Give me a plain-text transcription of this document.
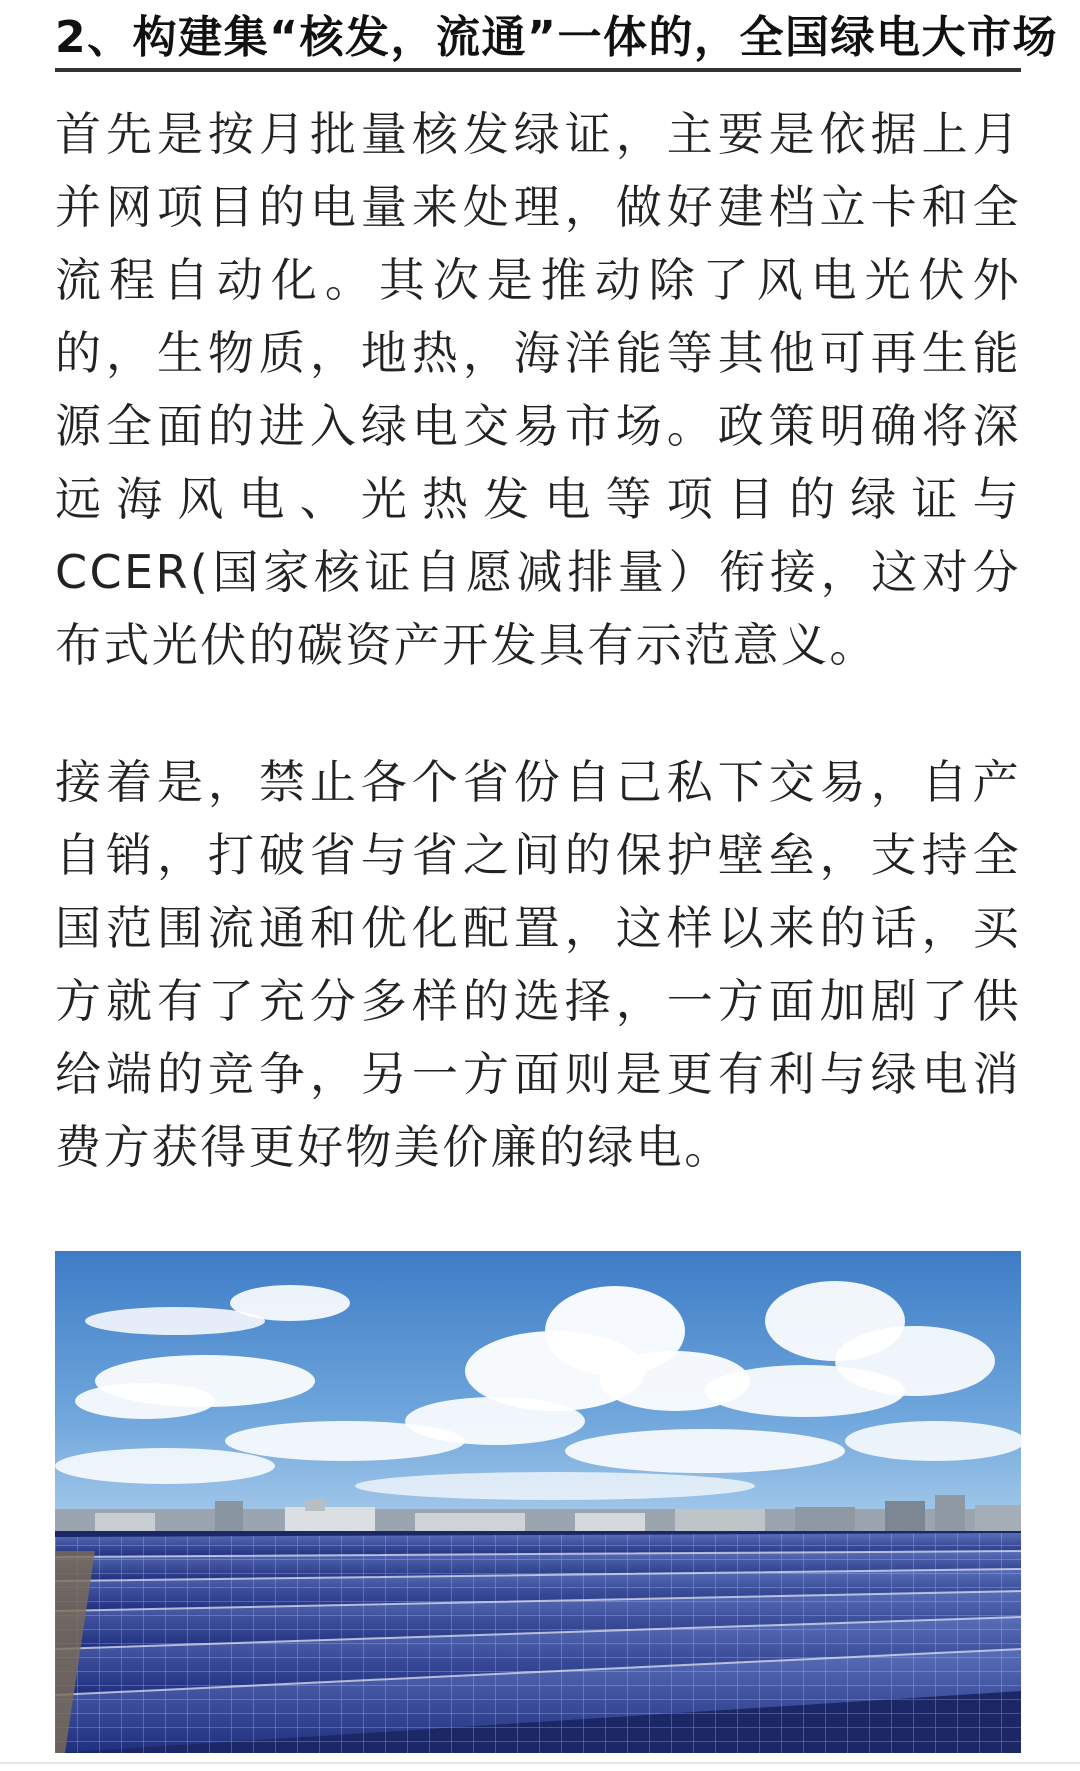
2、构建集“核发，流通”一体的，全国绿电大市场

首先是按月批量核发绿证，主要是依据上月并网项目的电量来处理，做好建档立卡和全流程自动化。其次是推动除了风电光伏外的，生物质，地热，海洋能等其他可再生能源全面的进入绿电交易市场。政策明确将深远海风电、光热发电等项目的绿证与CCER(国家核证自愿减排量）衔接，这对分布式光伏的碳资产开发具有示范意义。

接着是，禁止各个省份自己私下交易，自产自销，打破省与省之间的保护壁垒，支持全国范围流通和优化配置，这样以来的话，买方就有了充分多样的选择，一方面加剧了供给端的竞争，另一方面则是更有利与绿电消费方获得更好物美价廉的绿电。
